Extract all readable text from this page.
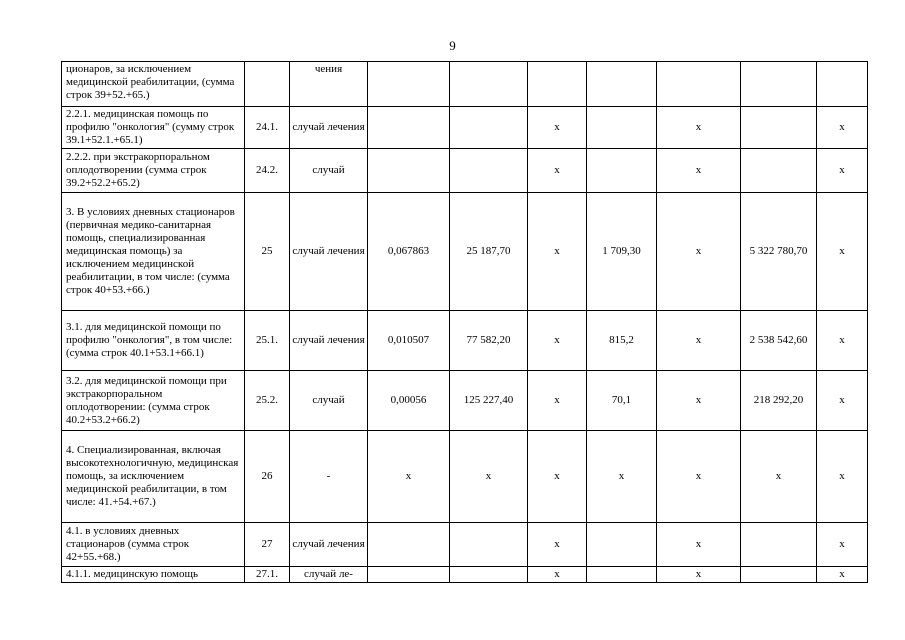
9
ционаров, за исключением медицинской реабилитации, (сумма строк 39+52.+65.)		чения							
2.2.1. медицинская помощь по профилю "онкология" (сумму строк 39.1+52.1.+65.1)	24.1.	случай лечения			x		x		x
2.2.2. при экстракорпоральном оплодотворении (сумма строк 39.2+52.2+65.2)	24.2.	случай			x		x		x
3. В условиях дневных стационаров (первичная медико-санитарная помощь, специализированная медицинская помощь) за исключением медицинской реабилитации, в том числе: (сумма строк 40+53.+66.)	25	случай лечения	0,067863	25 187,70	x	1 709,30	x	5 322 780,70	x
3.1. для медицинской помощи по профилю "онкология", в том числе: (сумма строк 40.1+53.1+66.1)	25.1.	случай лечения	0,010507	77 582,20	x	815,2	x	2 538 542,60	x
3.2. для медицинской помощи при экстракорпоральном оплодотворении: (сумма строк 40.2+53.2+66.2)	25.2.	случай	0,00056	125 227,40	x	70,1	x	218 292,20	x
4. Специализированная, включая высокотехнологичную, медицинская помощь, за исключением медицинской реабилитации, в том числе: 41.+54.+67.)	26	-	x	x	x	x	x	x	x
4.1. в условиях дневных стационаров (сумма строк 42+55.+68.)	27	случай лечения			x		x		x
4.1.1. медицинскую помощь	27.1.	случай ле-			x		x		x
